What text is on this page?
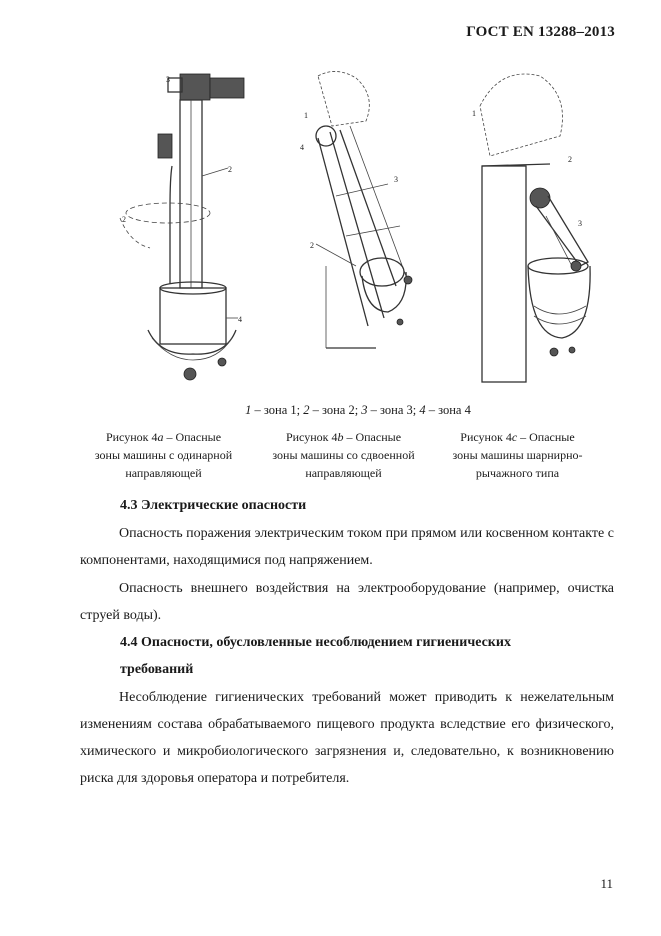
ГОСТ EN 13288–2013
3
2
2
4
1
4
3
2
2
1
3
1 – зона 1; 2 – зона 2; 3 – зона 3; 4 – зона 4
Рисунок 4a – Опасные
зоны машины с одинарной
направляющей
Рисунок 4b – Опасные
зоны машины со сдвоенной
направляющей
Рисунок 4c – Опасные
зоны машины шарнирно-
рычажного типа
4.3 Электрические опасности
Опасность поражения электрическим током при прямом или косвенном контакте с компонентами, находящимися под напряжением.
Опасность внешнего воздействия на электрооборудование (например, очистка струей воды).
4.4 Опасности, обусловленные несоблюдением гигиенических
требований
Несоблюдение гигиенических требований может приводить к нежелательным изменениям состава обрабатываемого пищевого продукта вследствие его физического, химического и микробиологического загрязнения и, следовательно, к возникновению риска для здоровья оператора и потребителя.
11
